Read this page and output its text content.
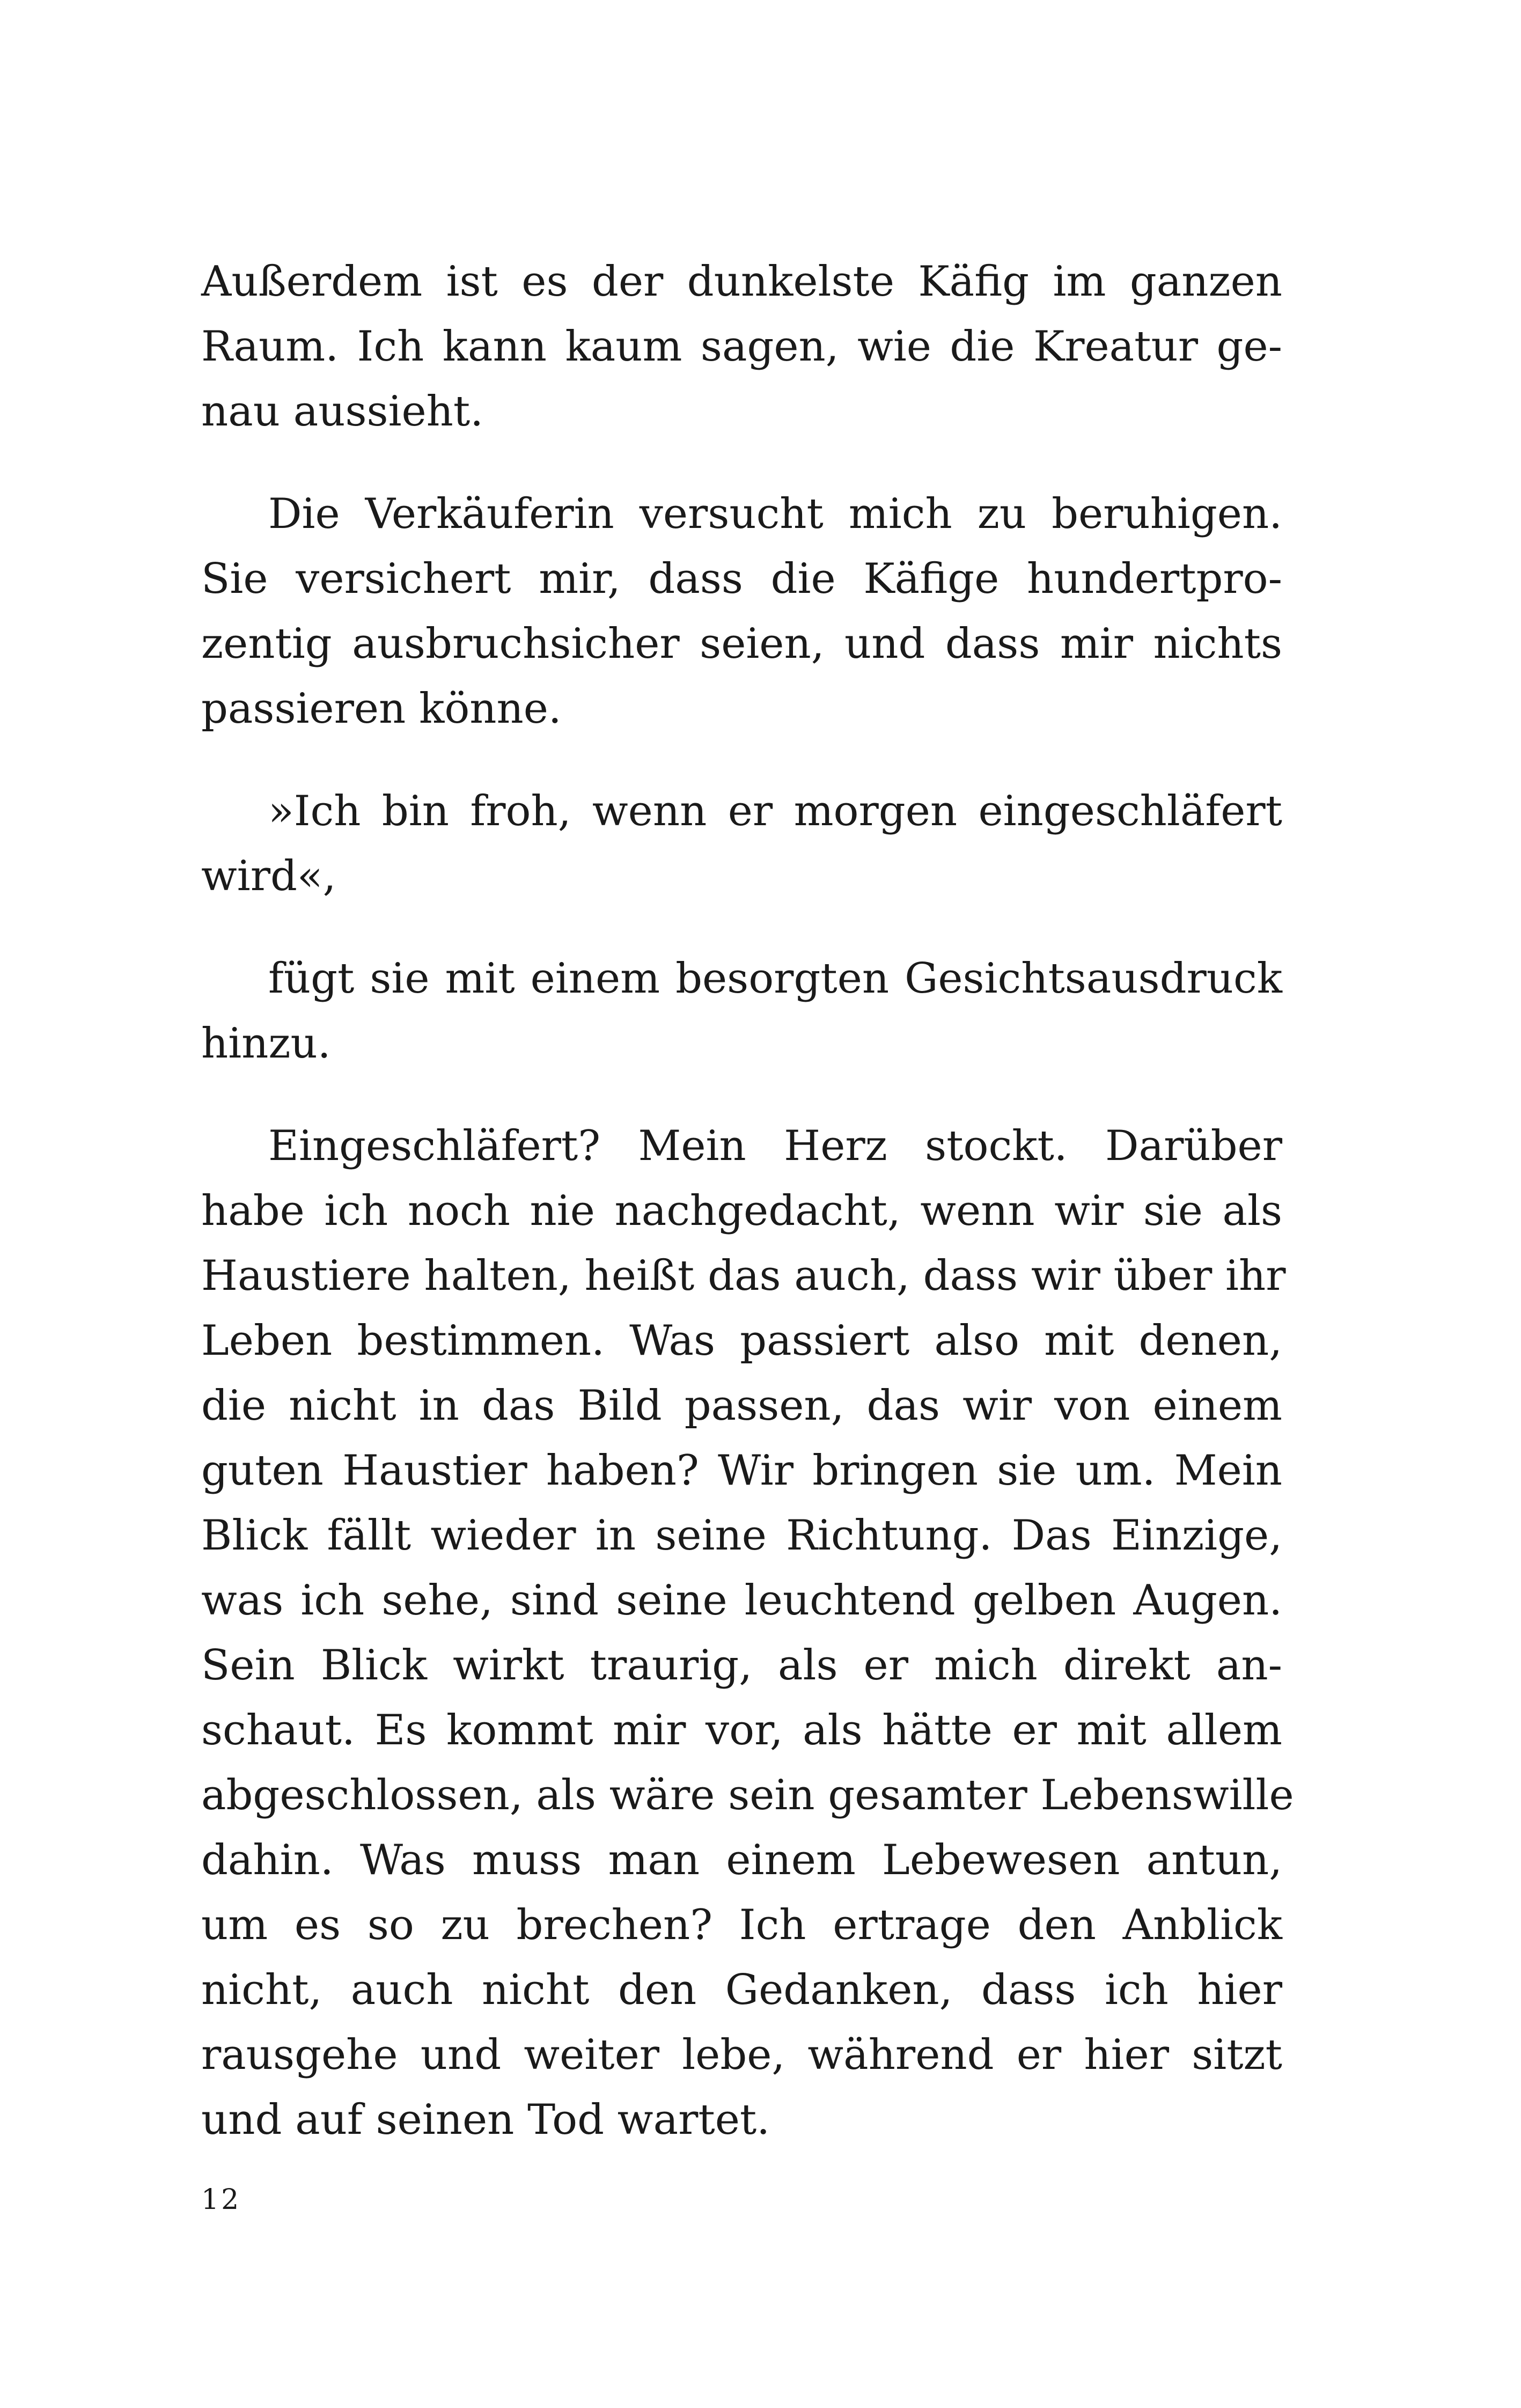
Außerdem ist es der dunkelste Käfig im ganzen
Raum. Ich kann kaum sagen, wie die Kreatur ge-
nau aussieht.

Die Verkäuferin versucht mich zu beruhigen.
Sie versichert mir, dass die Käfige hundertpro-
zentig ausbruchsicher seien, und dass mir nichts
passieren könne.

»Ich bin froh, wenn er morgen eingeschläfert
wird«,

fügt sie mit einem besorgten Gesichtsausdruck
hinzu.

Eingeschläfert? Mein Herz stockt. Darüber
habe ich noch nie nachgedacht, wenn wir sie als
Haustiere halten, heißt das auch, dass wir über ihr
Leben bestimmen. Was passiert also mit denen,
die nicht in das Bild passen, das wir von einem
guten Haustier haben? Wir bringen sie um. Mein
Blick fällt wieder in seine Richtung. Das Einzige,
was ich sehe, sind seine leuchtend gelben Augen.
Sein Blick wirkt traurig, als er mich direkt an-
schaut. Es kommt mir vor, als hätte er mit allem
abgeschlossen, als wäre sein gesamter Lebenswille
dahin. Was muss man einem Lebewesen antun,
um es so zu brechen? Ich ertrage den Anblick
nicht, auch nicht den Gedanken, dass ich hier
rausgehe und weiter lebe, während er hier sitzt
und auf seinen Tod wartet.

12
